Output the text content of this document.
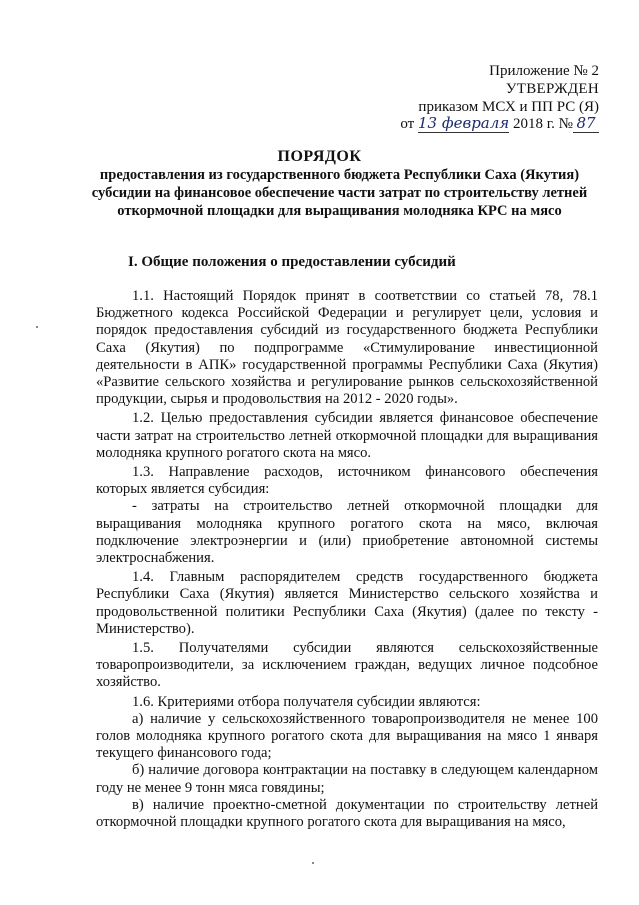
Приложение № 2
УТВЕРЖДЕН
приказом МСХ и ПП РС (Я)
от 13 февраля 2018 г. № 87
ПОРЯДОК
предоставления из государственного бюджета Республики Саха (Якутия) субсидии на финансовое обеспечение части затрат по строительству летней откормочной площадки для выращивания молодняка КРС на мясо
I. Общие положения о предоставлении субсидий

1.1. Настоящий Порядок принят в соответствии со статьей 78, 78.1 Бюджетного кодекса Российской Федерации и регулирует цели, условия и порядок предоставления субсидий из государственного бюджета Республики Саха (Якутия) по подпрограмме «Стимулирование инвестиционной деятельности в АПК» государственной программы Республики Саха (Якутия) «Развитие сельского хозяйства и регулирование рынков сельскохозяйственной продукции, сырья и продовольствия на 2012 - 2020 годы».

1.2. Целью предоставления субсидии является финансовое обеспечение части затрат на строительство летней откормочной площадки для выращивания молодняка крупного рогатого скота на мясо.

1.3. Направление расходов, источником финансового обеспечения которых является субсидия:

- затраты на строительство летней откормочной площадки для выращивания молодняка крупного рогатого скота на мясо, включая подключение электроэнергии и (или) приобретение автономной системы электроснабжения.

1.4. Главным распорядителем средств государственного бюджета Республики Саха (Якутия) является Министерство сельского хозяйства и продовольственной политики Республики Саха (Якутия) (далее по тексту - Министерство).

1.5. Получателями субсидии являются сельскохозяйственные товаропроизводители, за исключением граждан, ведущих личное подсобное хозяйство.

1.6. Критериями отбора получателя субсидии являются:

а) наличие у сельскохозяйственного товаропроизводителя не менее 100 голов молодняка крупного рогатого скота для выращивания на мясо 1 января текущего финансового года;

б) наличие договора контрактации на поставку в следующем календарном году не менее 9 тонн мяса говядины;

в) наличие проектно-сметной документации по строительству летней откормочной площадки крупного рогатого скота для выращивания на мясо,
